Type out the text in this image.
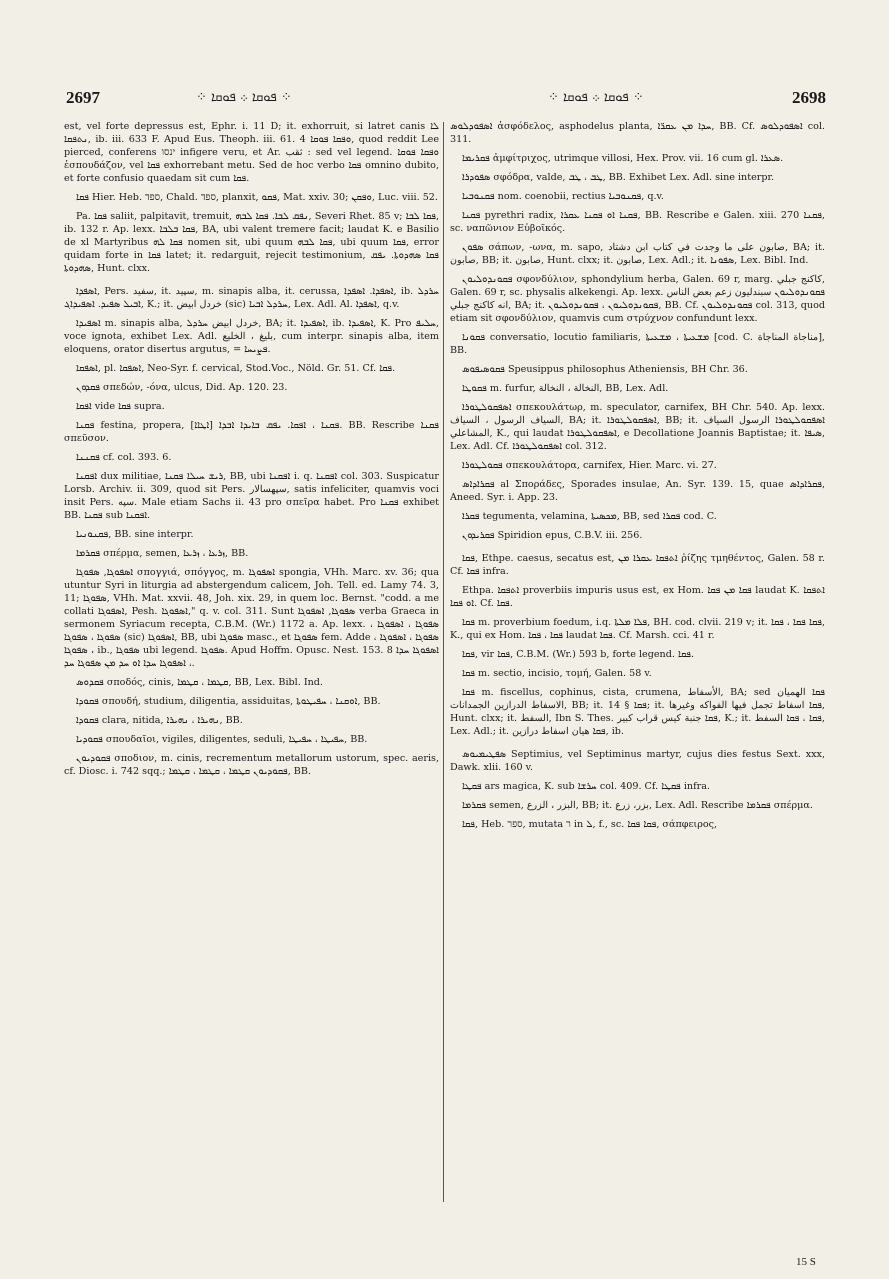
2697	⁘ ܦܘܩܐ ܀ ܦܘܩܐ ⁘	⁘ ܦܘܩܐ ܀ ܦܘܩܐ ⁘	2698

est, vel forte depressus est, Ephr. i. 11 D; it. exhorruit, si latret canis ܠܐ ܢܬܦܩܐ, ib. iii. 633 F. Apud Eus. Theoph. iii. 61. 4 ܘܦܩܐ ܦܘܩܐ, quod reddit Lee pierced, conferens ינסו infigere veru, et Ar. ثقب : sed vel legend. ܘܦܩܐ ܦܘܩܐ ἐσπουδάζον, vel ܦܩܐ exhorrebant metu. Sed de hoc verbo ܦܩܐ omnino dubito, et forte confusio quaedam sit cum ܦܩܐ.

ܦܩܐ Hier. Heb. ספד, Chald. ספד, planxit, ܦܩܘ, Mat. xxiv. 30; ܘܦܩܢ, Luc. viii. 52.

Pa. ܦܩܐ saliit, palpitavit, tremuit, ܢܦܩ ܠܒܐ. ܦܩܐ ܠܒܗ, Severi Rhet. 85 v; ܦܩܐ ܠܒܐ, ib. 132 r. Ap. lexx. ܦܩܐ ܒܠܒܐ, BA, ubi valent tremere facit; laudat K. e Basilio de xl Martyribus ܦܩܐ ܠܗ nomen sit, ubi quum ܦܩܐ ܠܒܗ, ubi quum ܦܩܐ, error quidam forte in ܦܩܐ latet; it. redarguit, rejecit testimonium, ܦܩܐ ܣܗܕܘܬܐ. ܝܦܩ ܣܗܕܘܬܐ, Hunt. clxx.

ܐܣܦܕܐ, Pers. سفيد, it. سپيد, m. sinapis alba, it. cerussa, ܐܣܦܕܐ. ܐܣܦܕܐ, ib. ܚܪܕܠ ܐܒܝܠ ܣܦܝܕ. ܐܣܦܝܕܐܓ, K.; it. خردل ابيض (sic) ܚܪܕܠ ܐܒܝܐ, Lex. Adl. Al. ܐܣܦܕܐ, q.v.

ܐܣܦܝܕܐ m. sinapis alba, خردل ابيض ܚܪܕܠ, BA; it. ܐܣܦܝܕܐ, ib. ܐܣܦܝܕܐ, K. Pro ܚܠܝܦ, voce ignota, exhibet Lex. Adl. بليغ ، الخليع, cum interpr. sinapis alba, item eloquens, orator disertus argutus, = ܦܨܝܚܐ.

ܐܣܦܩܐ, pl. ܐܣܦܩܐ, Neo-Syr. f. cervical, Stod.Voc., Nöld. Gr. 51. Cf. ܦܩܐ.

ܦܩܕܘܢ σπεδών, -όνα, ulcus, Did. Ap. 120. 23.

ܐܦܩܐ vide ܦܩܐ supra.

ܦܩܢܐ festina, propera, ܦܩܢܐ ، ܐܦܩܐ. ܝܦܩ ܒܐܝܕܐ ܐܒܕܐ [ܐܛܐܐ]. BB. Rescribe ܦܩܢܐ σπεῦσον.

ܦܩܢܢܐ cf. col. 393. 6.

ܐܦܩܢܐ dux militiae, ܪܝܫ ܚܝܠܐ ܦܩܢܐ, BB, ubi ܐܦܩܢܐ i. q. ܐܦܩܢܐ col. 303. Suspicatur Lorsb. Archiv. ii. 309, quod sit Pers. سپهسالار, satis infeliciter, quamvis voci insit Pers. سپه. Male etiam Sachs ii. 43 pro σπεῖρα habet. Pro ܦܩܢܐ exhibet BB. ܦܩܢܐ sub ܐܦܩܢܐ.

ܦܩܢܘܢܝܐ, BB. sine interpr.

ܦܩܪܡܐ σπέρμα, semen, ܙܪܥܐ ، ܙܪܥܐ, BB.

ܐܣܦܘܓܐ, ܣܦܘܓܐ σπογγιά, σπόγγος, m. ܐܣܦܘܓܐ spongia, VHh. Marc. xv. 36; qua utuntur Syri in liturgia ad abstergendum calicem, Joh. Tell. ed. Lamy 74. 3, 11; ܣܦܘܓܐ, VHh. Mat. xxvii. 48, Joh. xix. 29, in quem loc. Bernst. "codd. a me collati ܐܣܦܘܓܐ, Pesh. ܐܣܦܘܓܐ," q. v. col. 311. Sunt ܣܦܘܓܐ, ܐܣܦܘܓܐ verba Graeca in sermonem Syriacum recepta, C.B.M. (Wr.) 1172 a. Ap. lexx. ܣܦܘܓܐ ، ܐܣܦܘܓܐ ، ܣܦܘܓܐ ، ܣܦܘܓܐ (sic) ܐܣܦܘܓܐ, BB, ubi ܣܦܘܓܐ masc., et ܣܦܘܓܐ fem. Adde ܣܦܘܓܐ ، ܐܣܦܘܓܐ ، ܣܦܘܓܐ ، ib., ܣܦܘܓܐ ubi legend. ܣܦܘܓܐ. Apud Hoffm. Opusc. Nest. 153. 8 ܐܣܦܘܓܐ ܚܕܐ ، ܐܣܦܘܓܐ ܚܕܐ ܐܘ ܚܕ ܡܢ ܣܦܘܓܐ ܚܕ.

ܦܩܕܘܣ σποδός, cinis, ܩܛܡܐ ، ܩܛܡܐ, BB, Lex. Bibl. Ind.

ܦܩܘܕܐ σπουδή, studium, diligentia, assiduitas, ܐܘܩܢܐ ، ܚܦܝܛܘܬܐ, BB.

ܦܩܘܕܐ clara, nitida, ܢܗܝܪܐ ، ܢܗܝܪܐ, BB.

ܦܩܘܕܝܐ σπουδαῖοι, vigiles, diligentes, seduli, ܚܦܝܛܐ ، ܚܦܝܛܐ, BB.

ܦܩܘܕܝܘܢ σποδιον, m. cinis, recrementum metallorum ustorum, spec. aeris, cf. Diosc. i. 742 sqq.; ܦܩܘܕܝܘܢ ܩܛܡܐ ، ܩܛܡܐ ، ܩܛܡܐ, BB.

ܐܣܦܘܕܠܘܣ ἀσφόδελος, asphodelus planta, ܚܕܐ ܡܢ ܥܩܪ̈ܐ, BB. Cf. ܐܣܦܘܕܠܘܣ col. 311.

ܦܩܪܝܡܐ ἀμφίτριχος, utrimque villosi, Hex. Prov. vii. 16 cum gl. ܣܥܪܐ.

ܣܦܘܕܪܐ σφόδρα, valde, ܛܒ ، ܛܒ, BB. Exhibet Lex. Adl. sine interpr.

ܦܩܢܘܒܝܐ nom. coenobii, rectius ܦܩܢܘܒܝܐ, q.v.

ܦܩܢܐ pyrethri radix, ܦܩܢܐ ܐܘ ܦܩܢܐ ܥܩܪܐ, BB. Rescribe e Galen. xiii. 270 ܦܩܢܐ, sc. ναπῶνιον Εὐβοῖκός.

ܣܦܘܢ σάπων, -ωνα, m. sapo, صابون على ما وجدت في كتاب ابن دشتاد, BA; it. صابون, BB; it. صابون, Hunt. clxx; it. صابون, Lex. Adl.; it. ܣܦܘܢܐ, Lex. Bibl. Ind.

ܦܩܘܢܕܘܠܝܘܢ σφονδύλιον, sphondylium herba, Galen. 69 r, marg. كاكنج جبلي, Galen. 69 r, sc. physalis alkekengi. Ap. lexx. ܦܩܘܢܕܘܠܝܘܢ سبندليون زعم بعض الناس انه كاكنج جبلي, BA; it. ܦܩܘܢܕܘܠܝܘܢ ، ܦܩܘܢܕܘܠܝܘܢ, BB. Cf. ܦܩܘܢܕܘܠܝܘܢ col. 313, quod etiam sit σφονδύλιον, quamvis cum στρύχνον confundunt lexx.

ܦܩܘܢܐ conversatio, locutio familiaris, ܡܫܥܝܬܐ ، ܡܫܥܝܬܐ [cod. C. مناجاة المناجاة], BB.

ܦܩܘܣܝܦܘܣ Speusippus philosophus Atheniensis, BH Chr. 36.

ܦܩܘܛܐ m. furfur, النخالة ، النخالة, BB, Lex. Adl.

ܐܣܦܩܘܠܛܘܪܐ σπεκουλάτωρ, m. speculator, carnifex, BH Chr. 540. Ap. lexx. السياف الرسول ، السياف, BA; it. ܐܣܦܩܘܠܛܘܪܐ, BB; it. ܐܣܦܩܘܠܛܘܪܐ الرسول السياف المشاعلي, K., qui laudat ܐܣܦܩܘܠܛܘܪܐ, e Decollatione Joannis Baptistae; it. ܣܝܦܐ, Lex. Adl. Cf. ܐܣܦܩܘܠܛܘܪܐ col. 312.

ܦܩܘܠܛܘܪܐ σπεκουλάτορα, carnifex, Hier. Marc. vi. 27.

ܦܩܪܐܕܐܣ al Σποράδες, Sporades insulae, An. Syr. 139. 15, quae ܦܩܪܐܕܐܣ, Aneed. Syr. i. App. 23.

ܦܩܪܐ tegumenta, velamina, ܡܟܣܝܬܐ, BB, sed ܦܩܪܐ cod. C.

ܦܩܪܝܕܘܢ Spiridion epus, C.B.V. iii. 256.

ܦܩܐ, Ethpe. caesus, secatus est, ܐܬܦܩܐ ܥܩܪܐ ܡܢ ῥίζης τμηθέντος, Galen. 58 r. Cf. ܦܩܐ infra.

Ethpa. ܐܬܦܩܐ proverbiis impuris usus est, ex Hom. ܦܩܐ ܡܢ ܦܩܐ laudat K. ܐܬܦܩܐ ܐܘ ܦܩܐ. Cf. ܦܩܐ.

ܦܩܐ m. proverbium foedum, i.q. ܦܠܐ ܡܠܬܐ, BH. cod. clvii. 219 v; it. ܦܩܐ ܦܩܐ ، ܦܩܐ, K., qui ex Hom. ܦܩܐ ، ܦܩܐ laudat ܦܩܐ. Cf. Marsh. cci. 41 r.

ܦܩܐ, vir ܦܩܐ, C.B.M. (Wr.) 593 b, forte legend. ܦܩܐ.

ܦܩܐ m. sectio, incisio, τομή, Galen. 58 v.

ܦܩܐ m. fiscellus, cophinus, cista, crumena, الأسفاط, BA; sed ܦܩܐ الهميان الاسفاط الدرازين الجمدانات, BB; it. ܦܩܐ § 14; it. ܦܩܐ اسفاط تجمل فيها الفواكه وغيرها, Hunt. clxx; it. السفط, Ibn S. Thes. ܦܩܐ جنبة كيس قراب كبير, K.; it. ܦܩܐ ، ܦܩܐ السفط, Lex. Adl.; it. ܦܩܐ هيان اسفاط درازين, ib.

ܣܦܛܝܡܝܘܣ Septimius, vel Septiminus martyr, cujus dies festus Sext. xxx, Dawk. xlii. 160 v.

ܦܩܛܐ ars magica, K. sub ܚܪܫܐ col. 409. Cf. ܦܩܛܐ infra.

ܦܩܪܡܐ semen, البزر ، الزرع, BB; it. بزر، زرع, Lex. Adl. Rescribe ܦܩܪܡܐ σπέρμα.

ܦܩܐ, Heb. ספר, mutata ר in ܠ, f., sc. ܦܩܐ ܦܩܐ, σάπφειρος,

15 S
